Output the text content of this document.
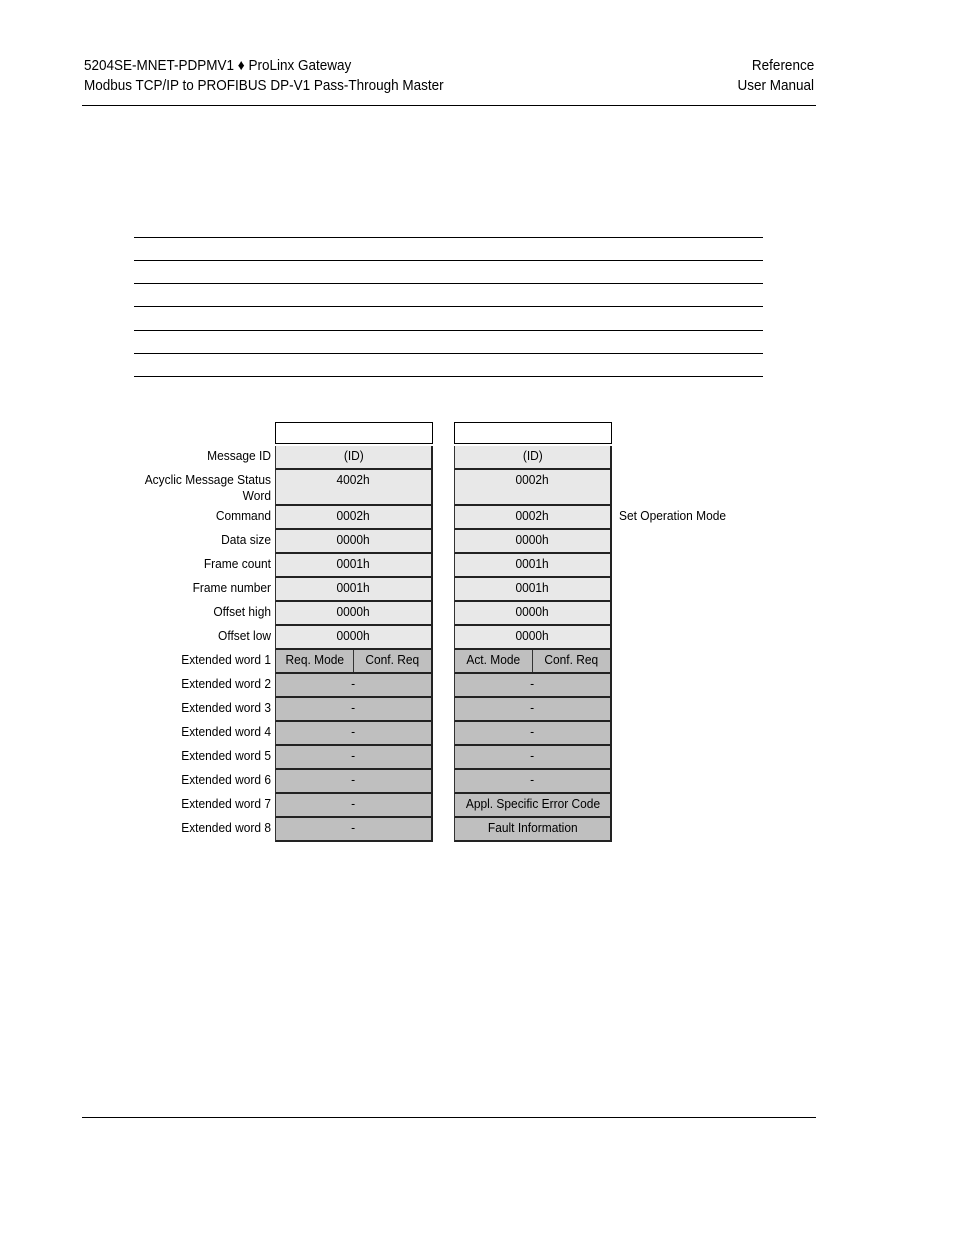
5204SE-MNET-PDPMV1 ♦ ProLinx Gateway
Modbus TCP/IP to PROFIBUS DP-V1 Pass-Through Master
Reference
User Manual
Message ID
Acyclic Message Status
Word
Command
Data size
Frame count
Frame number
Offset high
Offset low
Extended word 1
Extended word 2
Extended word 3
Extended word 4
Extended word 5
Extended word 6
Extended word 7
Extended word 8
(ID)
4002h
0002h
0000h
0001h
0001h
0000h
0000h
Req. Mode	Conf. Req
-
-
-
-
-
-
-
(ID)
0002h
0002h
0000h
0001h
0001h
0000h
0000h
Act. Mode	Conf. Req
-
-
-
-
-
Appl. Specific Error Code
Fault Information
Set Operation Mode
